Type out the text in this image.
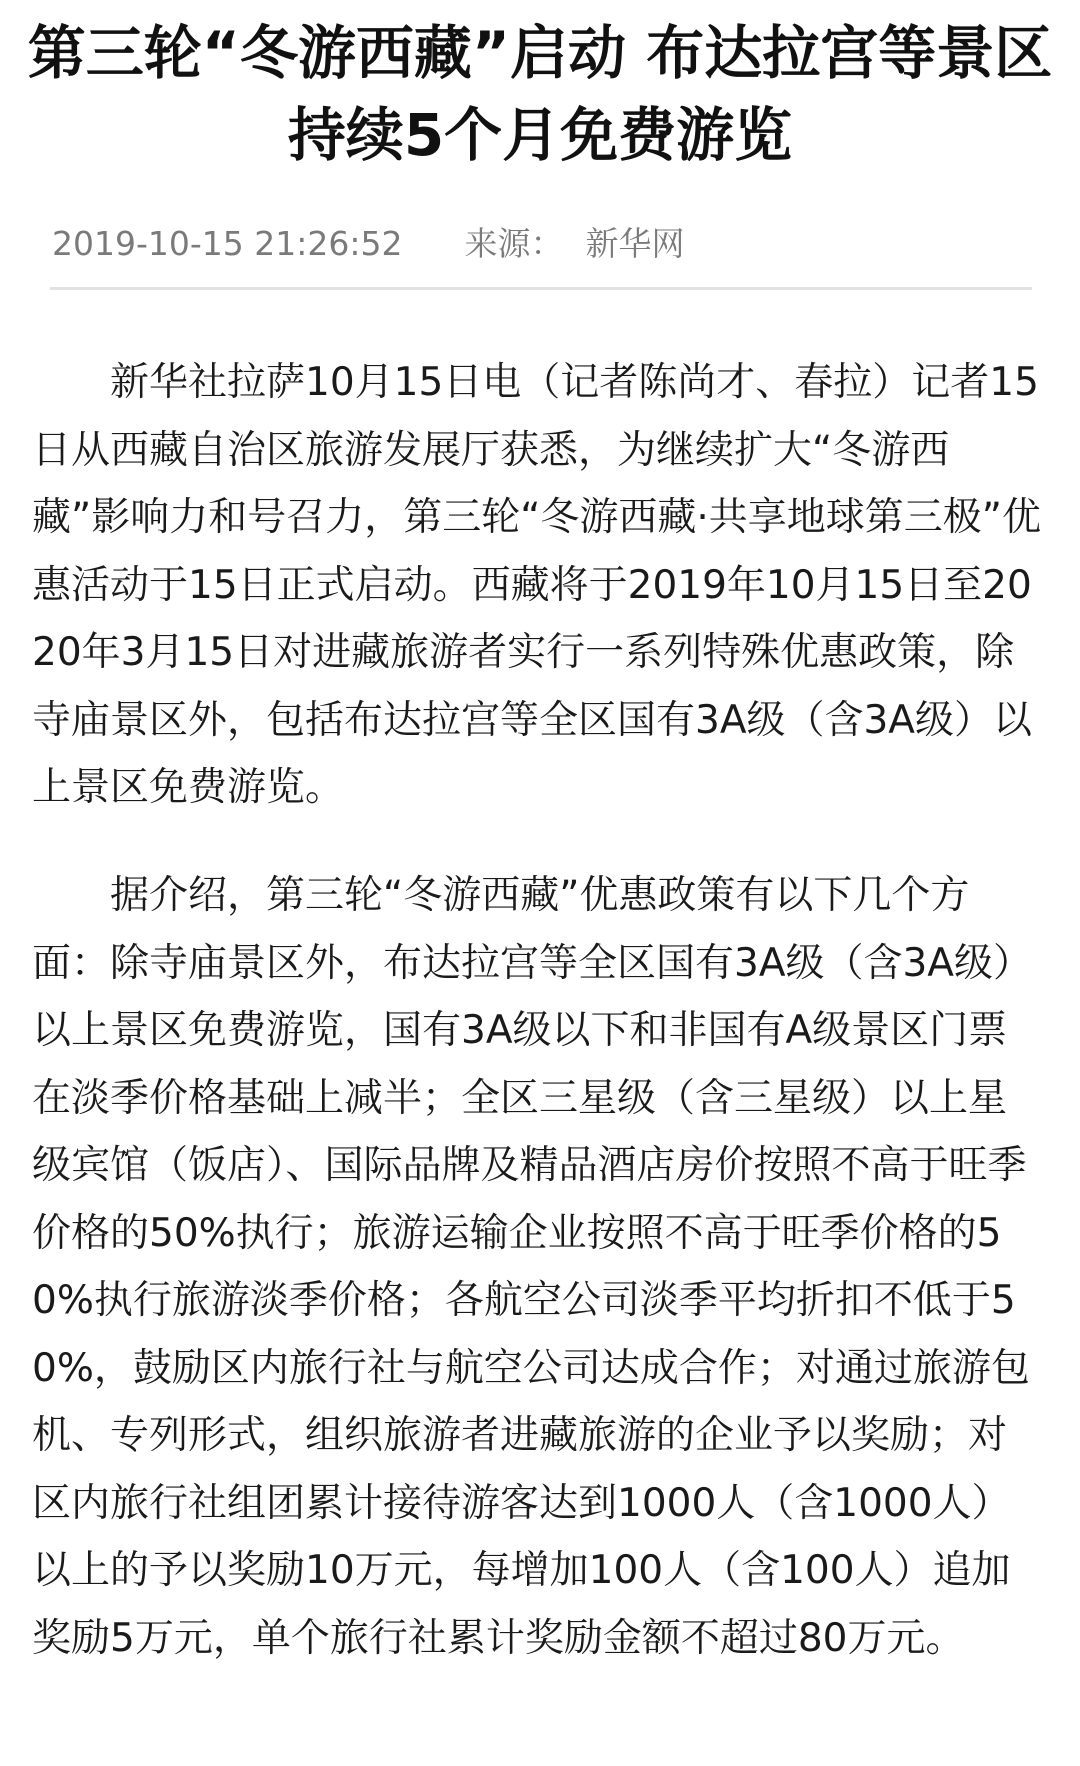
第三轮“冬游西藏”启动 布达拉宫等景区持续5个月免费游览
2019-10-15 21:26:52 来源： 新华网

新华社拉萨10月15日电（记者陈尚才、春拉）记者15日从西藏自治区旅游发展厅获悉，为继续扩大“冬游西藏”影响力和号召力，第三轮“冬游西藏·共享地球第三极”优惠活动于15日正式启动。西藏将于2019年10月15日至2020年3月15日对进藏旅游者实行一系列特殊优惠政策，除寺庙景区外，包括布达拉宫等全区国有3A级（含3A级）以上景区免费游览。

据介绍，第三轮“冬游西藏”优惠政策有以下几个方面：除寺庙景区外，布达拉宫等全区国有3A级（含3A级）以上景区免费游览，国有3A级以下和非国有A级景区门票在淡季价格基础上减半；全区三星级（含三星级）以上星级宾馆（饭店）、国际品牌及精品酒店房价按照不高于旺季价格的50%执行；旅游运输企业按照不高于旺季价格的50%执行旅游淡季价格；各航空公司淡季平均折扣不低于50%，鼓励区内旅行社与航空公司达成合作；对通过旅游包机、专列形式，组织旅游者进藏旅游的企业予以奖励；对区内旅行社组团累计接待游客达到1000人（含1000人）以上的予以奖励10万元，每增加100人（含100人）追加奖励5万元，单个旅行社累计奖励金额不超过80万元。
